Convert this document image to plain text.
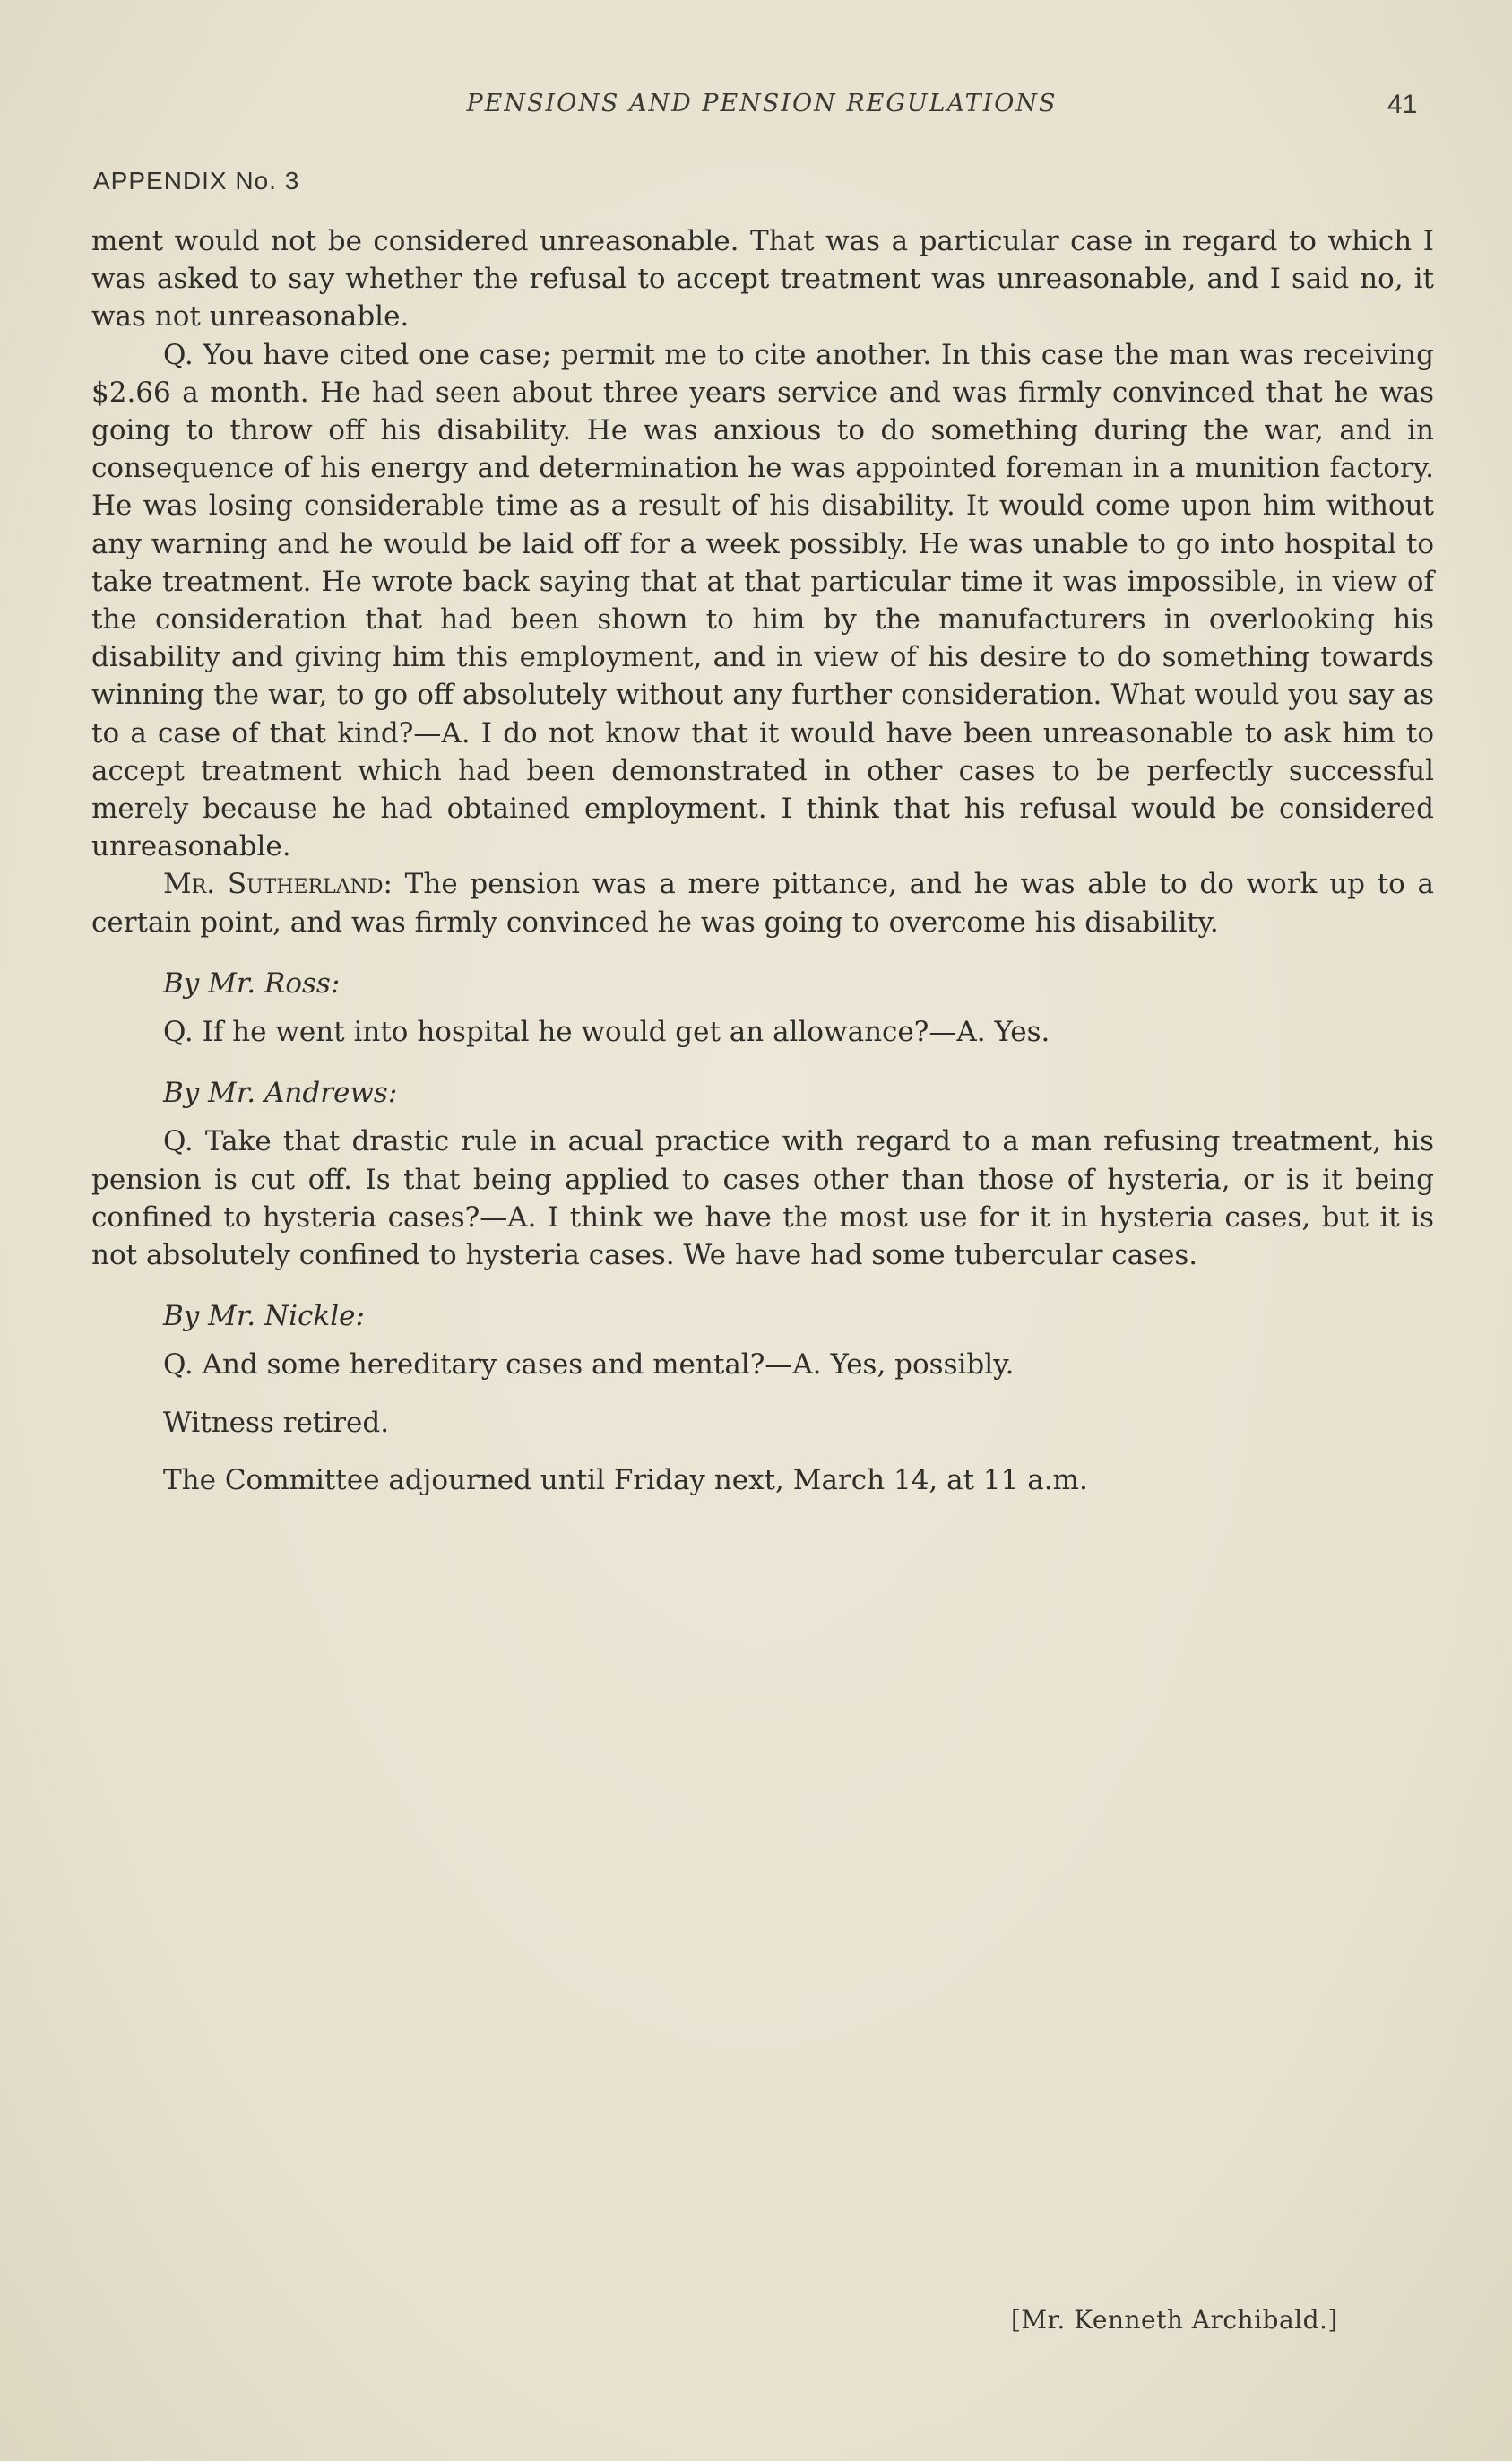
PENSIONS AND PENSION REGULATIONS	41
APPENDIX No. 3

ment would not be considered unreasonable. That was a particular case in regard to which I was asked to say whether the refusal to accept treatment was unreasonable, and I said no, it was not unreasonable.

Q. You have cited one case; permit me to cite another. In this case the man was receiving $2.66 a month. He had seen about three years service and was firmly convinced that he was going to throw off his disability. He was anxious to do something during the war, and in consequence of his energy and determination he was appointed foreman in a munition factory. He was losing considerable time as a result of his disability. It would come upon him without any warning and he would be laid off for a week possibly. He was unable to go into hospital to take treatment. He wrote back saying that at that particular time it was impossible, in view of the consideration that had been shown to him by the manufacturers in overlooking his disability and giving him this employment, and in view of his desire to do something towards winning the war, to go off absolutely without any further consideration. What would you say as to a case of that kind?—A. I do not know that it would have been unreasonable to ask him to accept treatment which had been demonstrated in other cases to be perfectly successful merely because he had obtained employment. I think that his refusal would be considered unreasonable.

Mr. Sutherland: The pension was a mere pittance, and he was able to do work up to a certain point, and was firmly convinced he was going to overcome his disability.

By Mr. Ross:

Q. If he went into hospital he would get an allowance?—A. Yes.

By Mr. Andrews:

Q. Take that drastic rule in acual practice with regard to a man refusing treatment, his pension is cut off. Is that being applied to cases other than those of hysteria, or is it being confined to hysteria cases?—A. I think we have the most use for it in hysteria cases, but it is not absolutely confined to hysteria cases. We have had some tubercular cases.

By Mr. Nickle:

Q. And some hereditary cases and mental?—A. Yes, possibly.

Witness retired.

The Committee adjourned until Friday next, March 14, at 11 a.m.

[Mr. Kenneth Archibald.]
